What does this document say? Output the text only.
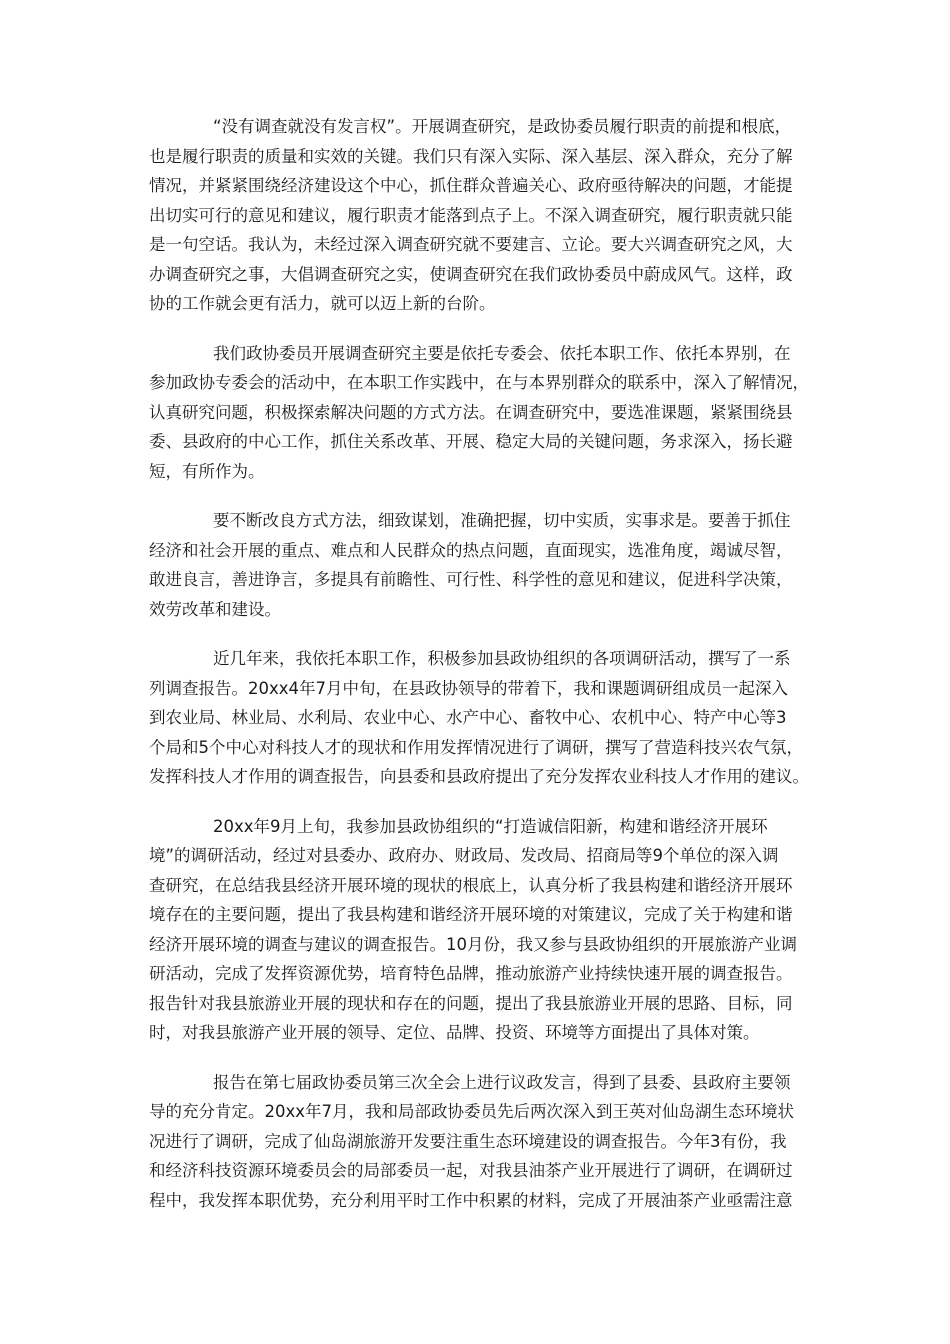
“没有调查就没有发言权”。开展调查研究，是政协委员履行职责的前提和根底，
也是履行职责的质量和实效的关键。我们只有深入实际、深入基层、深入群众，充分了解
情况，并紧紧围绕经济建设这个中心，抓住群众普遍关心、政府亟待解决的问题，才能提
出切实可行的意见和建议，履行职责才能落到点子上。不深入调查研究，履行职责就只能
是一句空话。我认为，未经过深入调查研究就不要建言、立论。要大兴调查研究之风，大
办调查研究之事，大倡调查研究之实，使调查研究在我们政协委员中蔚成风气。这样，政
协的工作就会更有活力，就可以迈上新的台阶。
我们政协委员开展调查研究主要是依托专委会、依托本职工作、依托本界别，在
参加政协专委会的活动中，在本职工作实践中，在与本界别群众的联系中，深入了解情况，
认真研究问题，积极探索解决问题的方式方法。在调查研究中，要选准课题，紧紧围绕县
委、县政府的中心工作，抓住关系改革、开展、稳定大局的关键问题，务求深入，扬长避
短，有所作为。
要不断改良方式方法，细致谋划，准确把握，切中实质，实事求是。要善于抓住
经济和社会开展的重点、难点和人民群众的热点问题，直面现实，选准角度，竭诚尽智，
敢进良言，善进诤言，多提具有前瞻性、可行性、科学性的意见和建议，促进科学决策，
效劳改革和建设。
近几年来，我依托本职工作，积极参加县政协组织的各项调研活动，撰写了一系
列调查报告。20xx4年7月中旬，在县政协领导的带着下，我和课题调研组成员一起深入
到农业局、林业局、水利局、农业中心、水产中心、畜牧中心、农机中心、特产中心等3
个局和5个中心对科技人才的现状和作用发挥情况进行了调研，撰写了营造科技兴农气氛，
发挥科技人才作用的调查报告，向县委和县政府提出了充分发挥农业科技人才作用的建议。
20xx年9月上旬，我参加县政协组织的“打造诚信阳新，构建和谐经济开展环
境”的调研活动，经过对县委办、政府办、财政局、发改局、招商局等9个单位的深入调
查研究，在总结我县经济开展环境的现状的根底上，认真分析了我县构建和谐经济开展环
境存在的主要问题，提出了我县构建和谐经济开展环境的对策建议，完成了关于构建和谐
经济开展环境的调查与建议的调查报告。10月份，我又参与县政协组织的开展旅游产业调
研活动，完成了发挥资源优势，培育特色品牌，推动旅游产业持续快速开展的调查报告。
报告针对我县旅游业开展的现状和存在的问题，提出了我县旅游业开展的思路、目标，同
时，对我县旅游产业开展的领导、定位、品牌、投资、环境等方面提出了具体对策。
报告在第七届政协委员第三次全会上进行议政发言，得到了县委、县政府主要领
导的充分肯定。20xx年7月，我和局部政协委员先后两次深入到王英对仙岛湖生态环境状
况进行了调研，完成了仙岛湖旅游开发要注重生态环境建设的调查报告。今年3有份，我
和经济科技资源环境委员会的局部委员一起，对我县油茶产业开展进行了调研，在调研过
程中，我发挥本职优势，充分利用平时工作中积累的材料，完成了开展油茶产业亟需注意
